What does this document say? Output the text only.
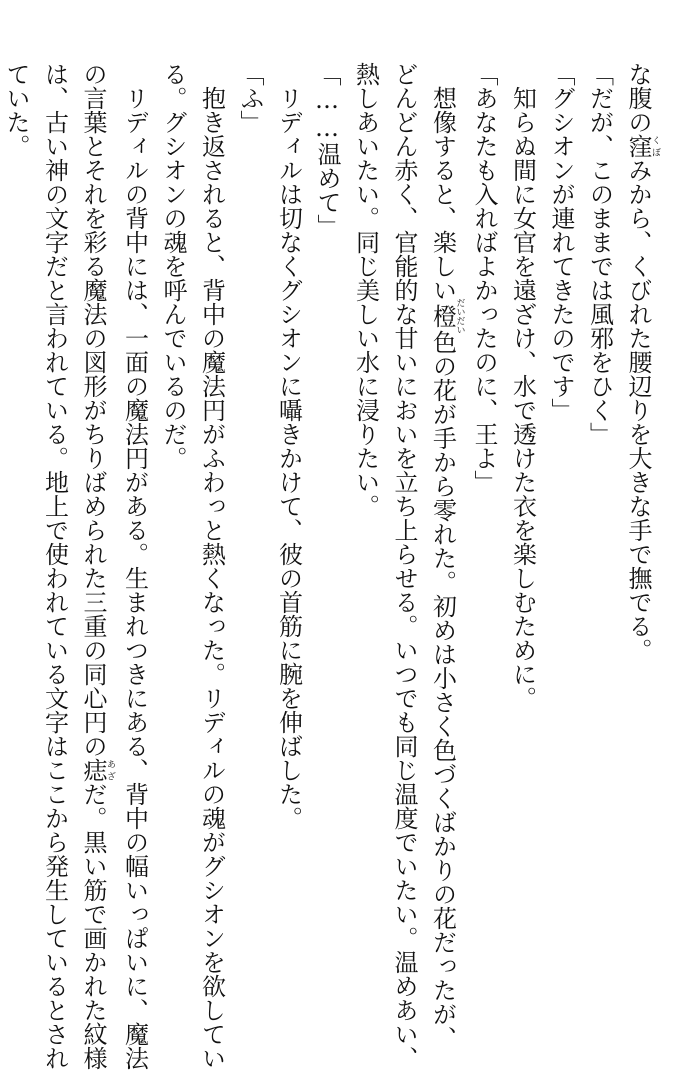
な腹の窪くぼみから、くびれた腰辺りを大きな手で撫でる。
「だが、このままでは風邪をひく」
「グシオンが連れてきたのです」
　知らぬ間に女官を遠ざけ、水で透けた衣を楽しむために。
「あなたも入ればよかったのに、王よ」
　想像すると、楽しい橙だいだい色の花が手から零れた。初めは小さく色づくばかりの花だったが、
どんどん赤く、官能的な甘いにおいを立ち上らせる。いつでも同じ温度でいたい。温めあい、
熱しあいたい。同じ美しい水に浸りたい。
「……温めて」
　リディルは切なくグシオンに囁きかけて、彼の首筋に腕を伸ばした。
「ふ」
　抱き返されると、背中の魔法円がふわっと熱くなった。リディルの魂がグシオンを欲してい
る。グシオンの魂を呼んでいるのだ。
　リディルの背中には、一面の魔法円がある。生まれつきにある、背中の幅いっぱいに、魔法
の言葉とそれを彩る魔法の図形がちりばめられた三重の同心円の痣あざだ。黒い筋で画かれた紋様
は、古い神の文字だと言われている。地上で使われている文字はここから発生しているとされ
ていた。
